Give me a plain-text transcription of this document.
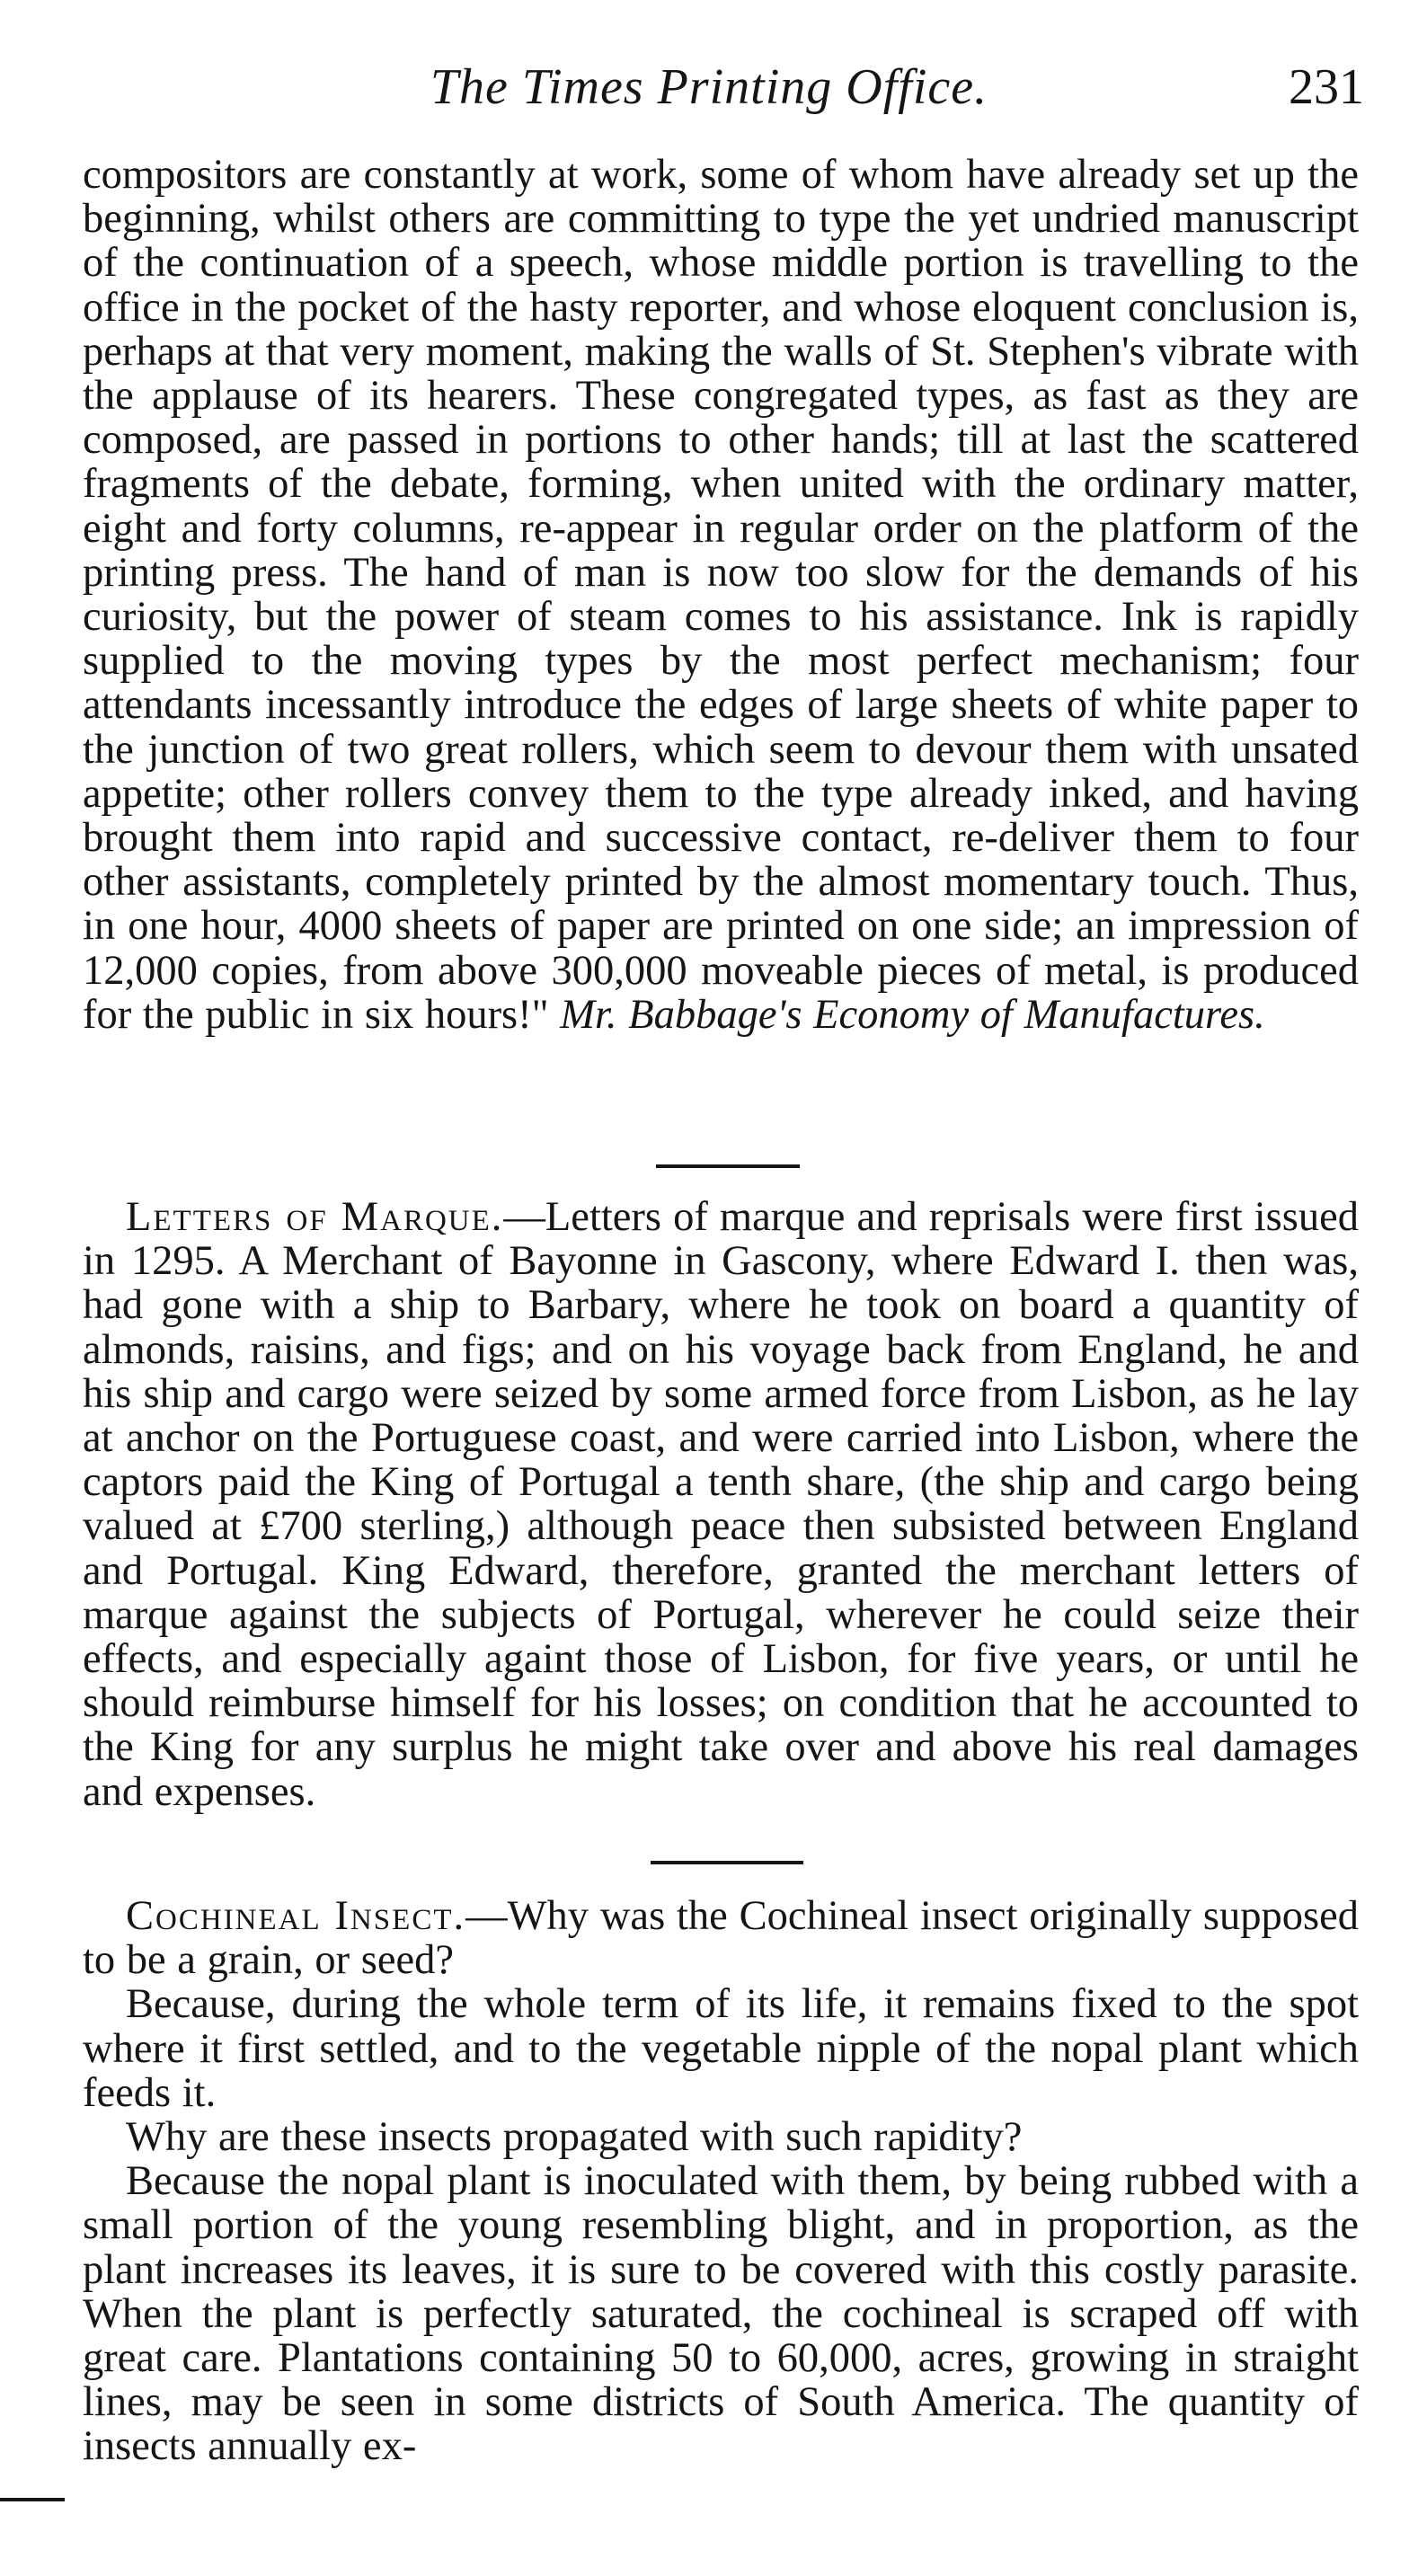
The Times Printing Office.	231

compositors are constantly at work, some of whom have already set up the beginning, whilst others are committing to type the yet undried manuscript of the continuation of a speech, whose middle portion is travelling to the office in the pocket of the hasty reporter, and whose eloquent conclusion is, perhaps at that very moment, making the walls of St. Stephen's vibrate with the applause of its hearers. These congregated types, as fast as they are composed, are passed in portions to other hands; till at last the scattered fragments of the debate, forming, when united with the ordinary matter, eight and forty columns, re-appear in regular order on the platform of the printing press. The hand of man is now too slow for the demands of his curiosity, but the power of steam comes to his assistance. Ink is rapidly supplied to the moving types by the most perfect mechanism; four attendants incessantly introduce the edges of large sheets of white paper to the junction of two great rollers, which seem to devour them with unsated appetite; other rollers convey them to the type already inked, and having brought them into rapid and successive contact, re-deliver them to four other assistants, completely printed by the almost momentary touch. Thus, in one hour, 4000 sheets of paper are printed on one side; an impression of 12,000 copies, from above 300,000 moveable pieces of metal, is produced for the public in six hours!" Mr. Babbage's Economy of Manufactures.

Letters of Marque.—Letters of marque and reprisals were first issued in 1295. A Merchant of Bayonne in Gascony, where Edward I. then was, had gone with a ship to Barbary, where he took on board a quantity of almonds, raisins, and figs; and on his voyage back from England, he and his ship and cargo were seized by some armed force from Lisbon, as he lay at anchor on the Portuguese coast, and were carried into Lisbon, where the captors paid the King of Portugal a tenth share, (the ship and cargo being valued at £700 sterling,) although peace then subsisted between England and Portugal. King Edward, therefore, granted the merchant letters of marque against the subjects of Portugal, wherever he could seize their effects, and especially againt those of Lisbon, for five years, or until he should reimburse himself for his losses; on condition that he accounted to the King for any surplus he might take over and above his real damages and expenses.

Cochineal Insect.—Why was the Cochineal insect originally supposed to be a grain, or seed?

Because, during the whole term of its life, it remains fixed to the spot where it first settled, and to the vegetable nipple of the nopal plant which feeds it.

Why are these insects propagated with such rapidity?

Because the nopal plant is inoculated with them, by being rubbed with a small portion of the young resembling blight, and in proportion, as the plant increases its leaves, it is sure to be covered with this costly parasite. When the plant is perfectly saturated, the cochineal is scraped off with great care. Plantations containing 50 to 60,000, acres, growing in straight lines, may be seen in some districts of South America. The quantity of insects annually ex-
